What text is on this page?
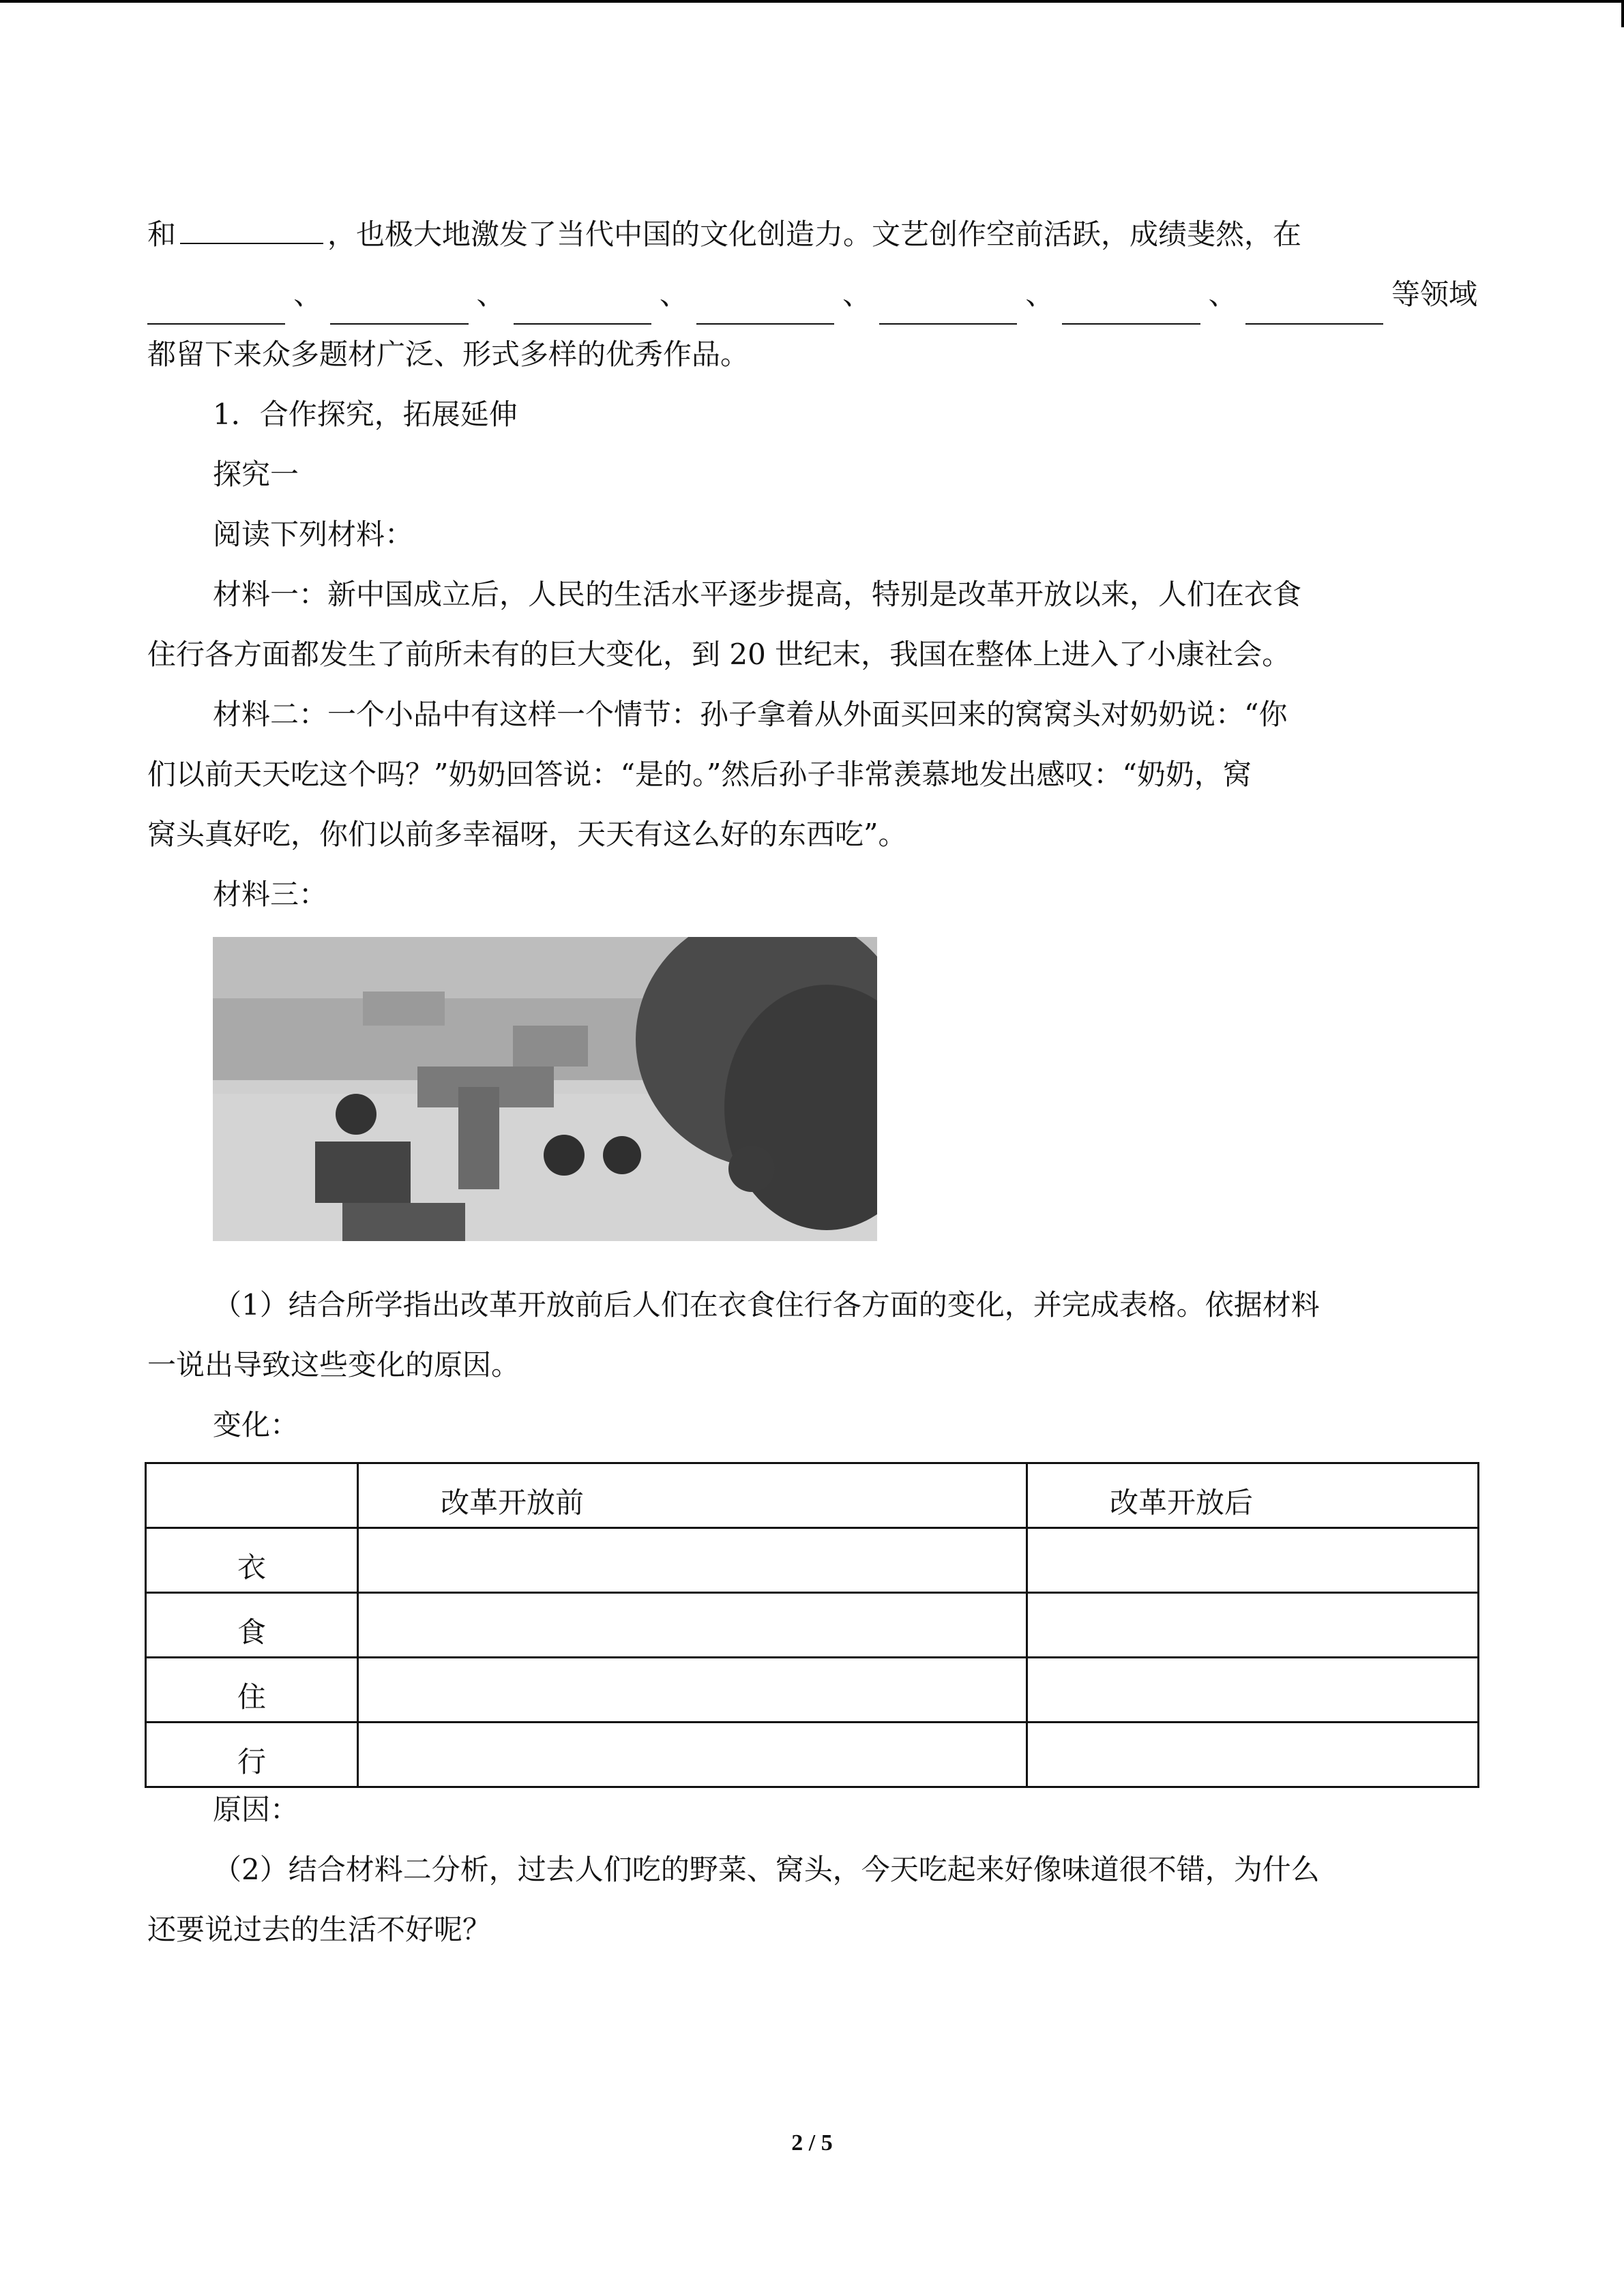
和	，也极大地激发了当代中国的文化创造力。文艺创作空前活跃，成绩斐然，在
、	、	、	、	、	、	等领域
都留下来众多题材广泛、形式多样的优秀作品。
1．合作探究，拓展延伸
探究一
阅读下列材料：
材料一：新中国成立后，人民的生活水平逐步提高，特别是改革开放以来，人们在衣食
住行各方面都发生了前所未有的巨大变化，到 20 世纪末，我国在整体上进入了小康社会。
材料二：一个小品中有这样一个情节：孙子拿着从外面买回来的窝窝头对奶奶说：“你
们以前天天吃这个吗？”奶奶回答说：“是的。”然后孙子非常羡慕地发出感叹：“奶奶，窝
窝头真好吃，你们以前多幸福呀，天天有这么好的东西吃”。
材料三：
（1）结合所学指出改革开放前后人们在衣食住行各方面的变化，并完成表格。依据材料
一说出导致这些变化的原因。
变化：
	改革开放前	改革开放后
衣		
食		
住		
行		
原因：
（2）结合材料二分析，过去人们吃的野菜、窝头，今天吃起来好像味道很不错，为什么
还要说过去的生活不好呢？
2 / 5
